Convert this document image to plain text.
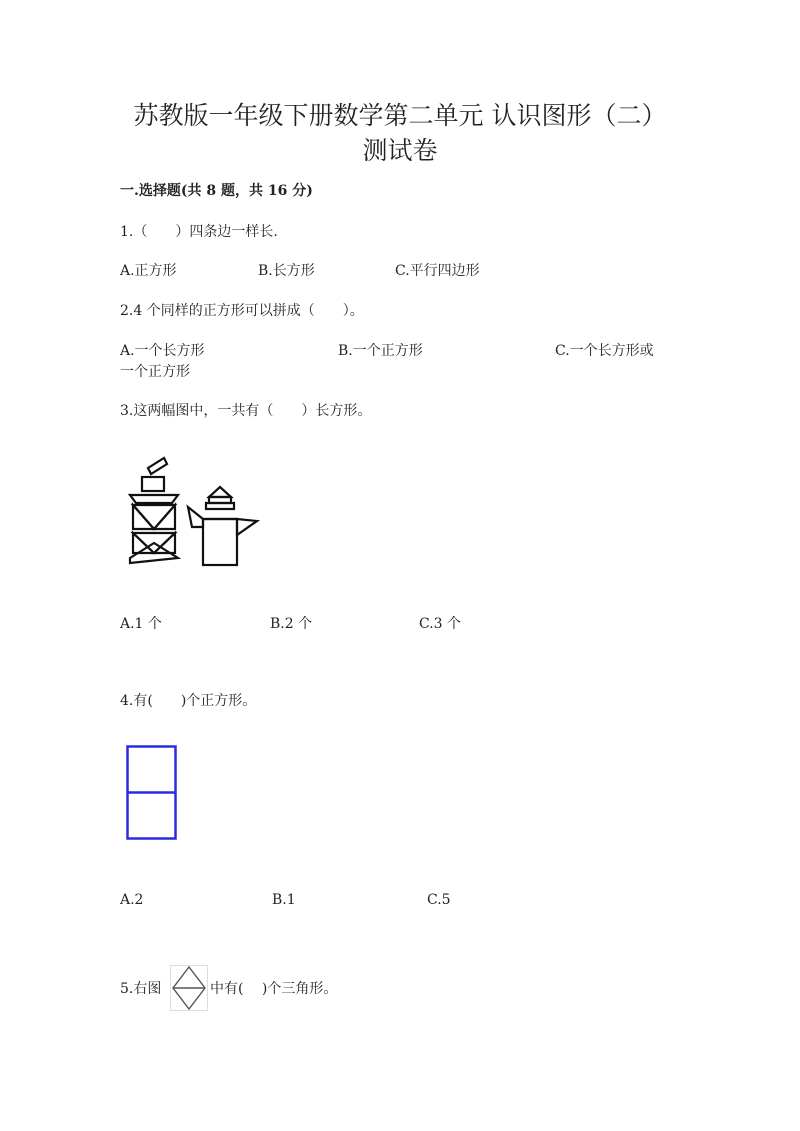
苏教版一年级下册数学第二单元 认识图形（二）
测试卷
一.选择题(共 8 题，共 16 分)
1.（　　）四条边一样长.
A.正方形	B.长方形	C.平行四边形
2.4 个同样的正方形可以拼成（　　）。
A.一个长方形	B.一个正方形	C.一个长方形或
一个正方形
3.这两幅图中，一共有（　　）长方形。
A.1 个	B.2 个	C.3 个
4.有(　　)个正方形。
A.2	B.1	C.5
5.右图	中有(　 )个三角形。
